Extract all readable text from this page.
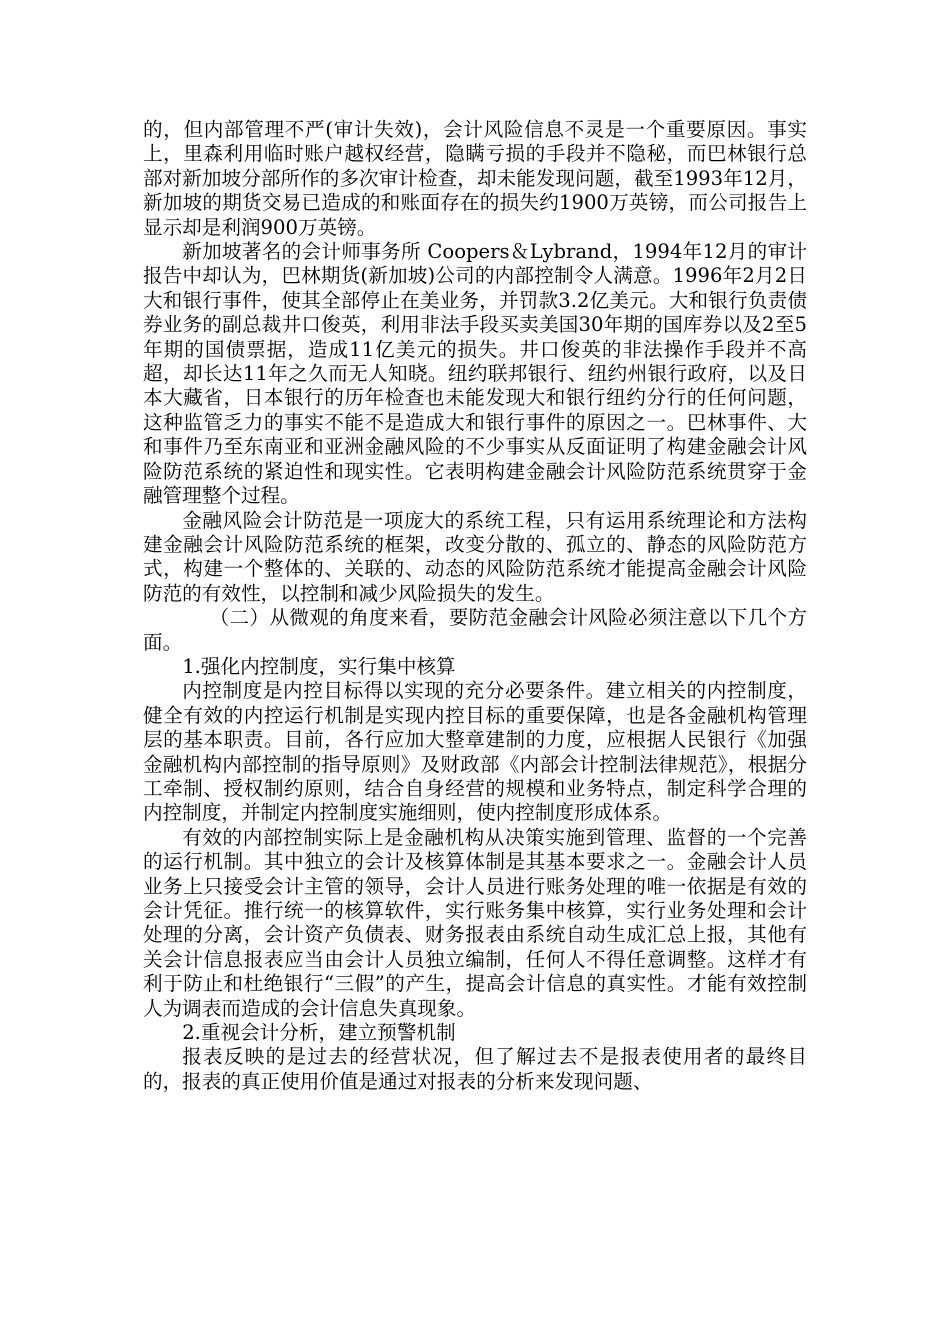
的，但内部管理不严(审计失效)，会计风险信息不灵是一个重要原因。事实上，里森利用临时账户越权经营，隐瞒亏损的手段并不隐秘，而巴林银行总部对新加坡分部所作的多次审计检查，却未能发现问题，截至1993年12月，新加坡的期货交易已造成的和账面存在的损失约1900万英镑，而公司报告上显示却是利润900万英镑。

新加坡著名的会计师事务所 Coopers＆Lybrand，1994年12月的审计报告中却认为，巴林期货(新加坡)公司的内部控制令人满意。1996年2月2日大和银行事件，使其全部停止在美业务，并罚款3.2亿美元。大和银行负责债券业务的副总裁井口俊英，利用非法手段买卖美国30年期的国库券以及2至5年期的国债票据，造成11亿美元的损失。井口俊英的非法操作手段并不高超，却长达11年之久而无人知晓。纽约联邦银行、纽约州银行政府，以及日本大藏省，日本银行的历年检查也未能发现大和银行纽约分行的任何问题，这种监管乏力的事实不能不是造成大和银行事件的原因之一。巴林事件、大和事件乃至东南亚和亚洲金融风险的不少事实从反面证明了构建金融会计风险防范系统的紧迫性和现实性。它表明构建金融会计风险防范系统贯穿于金融管理整个过程。

金融风险会计防范是一项庞大的系统工程，只有运用系统理论和方法构建金融会计风险防范系统的框架，改变分散的、孤立的、静态的风险防范方式，构建一个整体的、关联的、动态的风险防范系统才能提高金融会计风险防范的有效性，以控制和减少风险损失的发生。

（二）从微观的角度来看，要防范金融会计风险必须注意以下几个方面。

1.强化内控制度，实行集中核算

内控制度是内控目标得以实现的充分必要条件。建立相关的内控制度，健全有效的内控运行机制是实现内控目标的重要保障，也是各金融机构管理层的基本职责。目前，各行应加大整章建制的力度，应根据人民银行《加强金融机构内部控制的指导原则》及财政部《内部会计控制法律规范》，根据分工牵制、授权制约原则，结合自身经营的规模和业务特点，制定科学合理的内控制度，并制定内控制度实施细则，使内控制度形成体系。

有效的内部控制实际上是金融机构从决策实施到管理、监督的一个完善的运行机制。其中独立的会计及核算体制是其基本要求之一。金融会计人员业务上只接受会计主管的领导，会计人员进行账务处理的唯一依据是有效的会计凭征。推行统一的核算软件，实行账务集中核算，实行业务处理和会计处理的分离，会计资产负债表、财务报表由系统自动生成汇总上报，其他有关会计信息报表应当由会计人员独立编制，任何人不得任意调整。这样才有利于防止和杜绝银行“三假”的产生，提高会计信息的真实性。才能有效控制人为调表而造成的会计信息失真现象。

2.重视会计分析，建立预警机制

报表反映的是过去的经营状况，但了解过去不是报表使用者的最终目的，报表的真正使用价值是通过对报表的分析来发现问题、
